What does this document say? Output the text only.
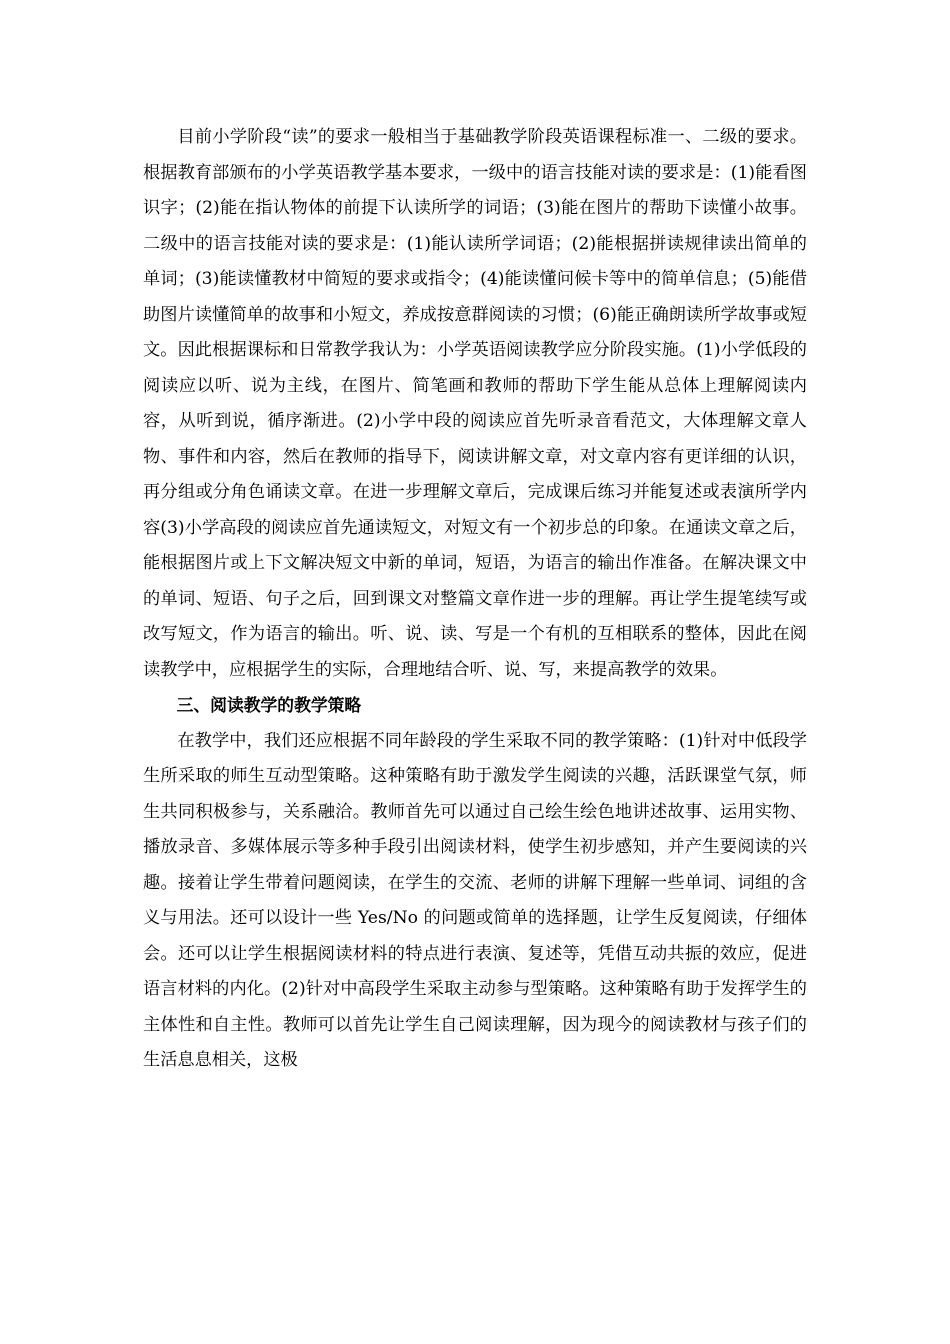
目前小学阶段“读”的要求一般相当于基础教学阶段英语课程标准一、二级的要求。根据教育部颁布的小学英语教学基本要求，一级中的语言技能对读的要求是：(1)能看图识字；(2)能在指认物体的前提下认读所学的词语；(3)能在图片的帮助下读懂小故事。二级中的语言技能对读的要求是：(1)能认读所学词语；(2)能根据拼读规律读出简单的单词；(3)能读懂教材中简短的要求或指令；(4)能读懂问候卡等中的简单信息；(5)能借助图片读懂简单的故事和小短文，养成按意群阅读的习惯；(6)能正确朗读所学故事或短文。因此根据课标和日常教学我认为：小学英语阅读教学应分阶段实施。(1)小学低段的阅读应以听、说为主线，在图片、简笔画和教师的帮助下学生能从总体上理解阅读内容，从听到说，循序渐进。(2)小学中段的阅读应首先听录音看范文，大体理解文章人物、事件和内容，然后在教师的指导下，阅读讲解文章，对文章内容有更详细的认识，再分组或分角色诵读文章。在进一步理解文章后，完成课后练习并能复述或表演所学内容(3)小学高段的阅读应首先通读短文，对短文有一个初步总的印象。在通读文章之后，能根据图片或上下文解决短文中新的单词，短语，为语言的输出作准备。在解决课文中的单词、短语、句子之后，回到课文对整篇文章作进一步的理解。再让学生提笔续写或改写短文，作为语言的输出。听、说、读、写是一个有机的互相联系的整体，因此在阅读教学中，应根据学生的实际，合理地结合听、说、写，来提高教学的效果。

三、阅读教学的教学策略

在教学中，我们还应根据不同年龄段的学生采取不同的教学策略：(1)针对中低段学生所采取的师生互动型策略。这种策略有助于激发学生阅读的兴趣，活跃课堂气氛，师生共同积极参与，关系融洽。教师首先可以通过自己绘生绘色地讲述故事、运用实物、播放录音、多媒体展示等多种手段引出阅读材料，使学生初步感知，并产生要阅读的兴趣。接着让学生带着问题阅读，在学生的交流、老师的讲解下理解一些单词、词组的含义与用法。还可以设计一些 Yes/No 的问题或简单的选择题，让学生反复阅读，仔细体会。还可以让学生根据阅读材料的特点进行表演、复述等，凭借互动共振的效应，促进语言材料的内化。(2)针对中高段学生采取主动参与型策略。这种策略有助于发挥学生的主体性和自主性。教师可以首先让学生自己阅读理解，因为现今的阅读教材与孩子们的生活息息相关，这极
